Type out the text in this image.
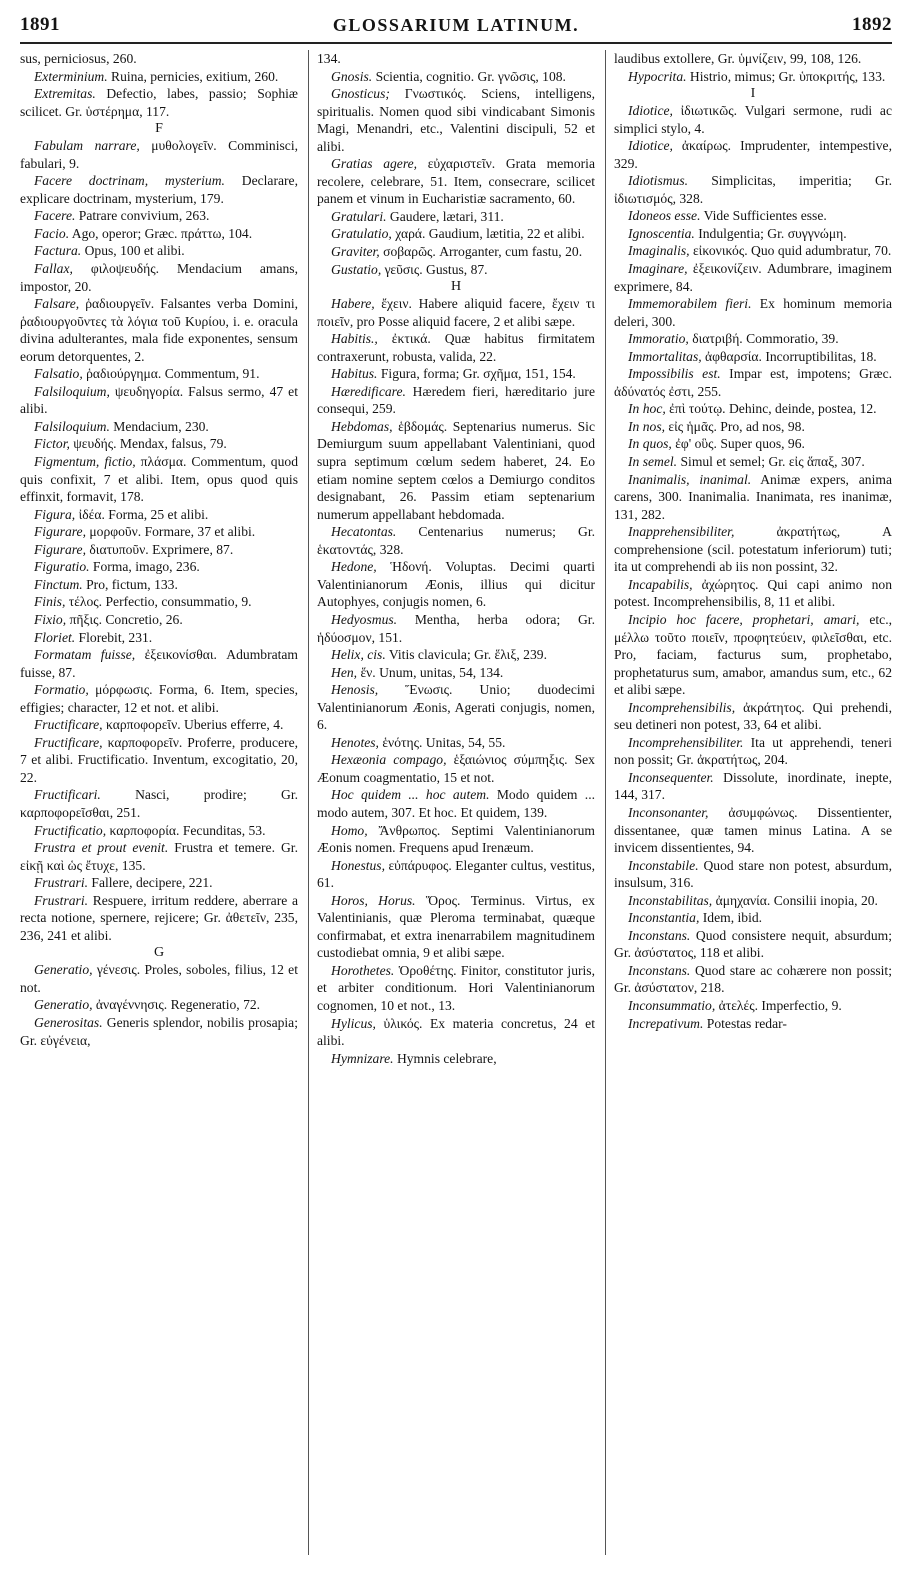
1891	GLOSSARIUM LATINUM.	1892

sus, perniciosus, 260.

Exterminium. Ruina, pernicies, exitium, 260.

Extremitas. Defectio, labes, passio; Sophiæ scilicet. Gr. ὑστέρημα, 117.

F

Fabulam narrare, μυθολογεῖν. Comminisci, fabulari, 9.

Facere doctrinam, mysterium. Declarare, explicare doctrinam, mysterium, 179.

Facere. Patrare convivium, 263.

Facio. Ago, operor; Græc. πράττω, 104.

Factura. Opus, 100 et alibi.

Fallax, φιλοψευδής. Mendacium amans, impostor, 20.

Falsare, ῥαδιουργεῖν. Falsantes verba Domini, ῥαδιουργοῦντες τὰ λόγια τοῦ Κυρίου, i. e. oracula divina adulterantes, mala fide exponentes, sensum eorum detorquentes, 2.

Falsatio, ῥαδιούργημα. Commentum, 91.

Falsiloquium, ψευδηγορία. Falsus sermo, 47 et alibi.

Falsiloquium. Mendacium, 230.

Fictor, ψευδής. Mendax, falsus, 79.

Figmentum, fictio, πλάσμα. Commentum, quod quis confixit, 7 et alibi. Item, opus quod quis effinxit, formavit, 178.

Figura, ἰδέα. Forma, 25 et alibi.

Figurare, μορφοῦν. Formare, 37 et alibi.

Figurare, διατυποῦν. Exprimere, 87.

Figuratio. Forma, imago, 236.

Finctum. Pro, fictum, 133.

Finis, τέλος. Perfectio, consummatio, 9.

Fixio, πῆξις. Concretio, 26.

Floriet. Florebit, 231.

Formatam fuisse, ἐξεικονίσθαι. Adumbratam fuisse, 87.

Formatio, μόρφωσις. Forma, 6. Item, species, effigies; character, 12 et not. et alibi.

Fructificare, καρποφορεῖν. Uberius efferre, 4.

Fructificare, καρποφορεῖν. Proferre, producere, 7 et alibi. Fructificatio. Inventum, excogitatio, 20, 22.

Fructificari. Nasci, prodire; Gr. καρποφορεῖσθαι, 251.

Fructificatio, καρποφορία. Fecunditas, 53.

Frustra et prout evenit. Frustra et temere. Gr. εἰκῇ καὶ ὡς ἔτυχε, 135.

Frustrari. Fallere, decipere, 221.

Frustrari. Respuere, irritum reddere, aberrare a recta notione, spernere, rejicere; Gr. ἀθετεῖν, 235, 236, 241 et alibi.

G

Generatio, γένεσις. Proles, soboles, filius, 12 et not.

Generatio, ἀναγέννησις. Regeneratio, 72.

Generositas. Generis splendor, nobilis prosapia; Gr. εὐγένεια,

134.

Gnosis. Scientia, cognitio. Gr. γνῶσις, 108.

Gnosticus; Γνωστικός. Sciens, intelligens, spiritualis. Nomen quod sibi vindicabant Simonis Magi, Menandri, etc., Valentini discipuli, 52 et alibi.

Gratias agere, εὐχαριστεῖν. Grata memoria recolere, celebrare, 51. Item, consecrare, scilicet panem et vinum in Eucharistiæ sacramento, 60.

Gratulari. Gaudere, lætari, 311.

Gratulatio, χαρά. Gaudium, lætitia, 22 et alibi.

Graviter, σοβαρῶς. Arroganter, cum fastu, 20.

Gustatio, γεῦσις. Gustus, 87.

H

Habere, ἔχειν. Habere aliquid facere, ἔχειν τι ποιεῖν, pro Posse aliquid facere, 2 et alibi sæpe.

Habitis., ἐκτικά. Quæ habitus firmitatem contraxerunt, robusta, valida, 22.

Habitus. Figura, forma; Gr. σχῆμα, 151, 154.

Hæredificare. Hæredem fieri, hæreditario jure consequi, 259.

Hebdomas, ἑβδομάς. Septenarius numerus. Sic Demiurgum suum appellabant Valentiniani, quod supra septimum cœlum sedem haberet, 24. Eo etiam nomine septem cœlos a Demiurgo conditos designabant, 26. Passim etiam septenarium numerum appellabant hebdomada.

Hecatontas. Centenarius numerus; Gr. ἑκατοντάς, 328.

Hedone, Ἡδονή. Voluptas. Decimi quarti Valentinianorum Æonis, illius qui dicitur Autophyes, conjugis nomen, 6.

Hedyosmus. Mentha, herba odora; Gr. ἡδύοσμον, 151.

Helix, cis. Vitis clavicula; Gr. ἕλιξ, 239.

Hen, ἕν. Unum, unitas, 54, 134.

Henosis, Ἕνωσις. Unio; duodecimi Valentinianorum Æonis, Agerati conjugis, nomen, 6.

Henotes, ἑνότης. Unitas, 54, 55.

Hexæonia compago, ἑξαιώνιος σύμπηξις. Sex Æonum coagmentatio, 15 et not.

Hoc quidem ... hoc autem. Modo quidem ... modo autem, 307. Et hoc. Et quidem, 139.

Homo, Ἄνθρωπος. Septimi Valentinianorum Æonis nomen. Frequens apud Irenæum.

Honestus, εὐπάρυφος. Eleganter cultus, vestitus, 61.

Horos, Horus. Ὅρος. Terminus. Virtus, ex Valentinianis, quæ Pleroma terminabat, quæque confirmabat, et extra inenarrabilem magnitudinem custodiebat omnia, 9 et alibi sæpe.

Horothetes. Ὁροθέτης. Finitor, constitutor juris, et arbiter conditionum. Hori Valentinianorum cognomen, 10 et not., 13.

Hylicus, ὑλικός. Ex materia concretus, 24 et alibi.

Hymnizare. Hymnis celebrare,

laudibus extollere, Gr. ὑμνίζειν, 99, 108, 126.

Hypocrita. Histrio, mimus; Gr. ὑποκριτής, 133.

I

Idiotice, ἰδιωτικῶς. Vulgari sermone, rudi ac simplici stylo, 4.

Idiotice, ἀκαίρως. Imprudenter, intempestive, 329.

Idiotismus. Simplicitas, imperitia; Gr. ἰδιωτισμός, 328.

Idoneos esse. Vide Sufficientes esse.

Ignoscentia. Indulgentia; Gr. συγγνώμη.

Imaginalis, εἰκονικός. Quo quid adumbratur, 70.

Imaginare, ἐξεικονίζειν. Adumbrare, imaginem exprimere, 84.

Immemorabilem fieri. Ex hominum memoria deleri, 300.

Immoratio, διατριβή. Commoratio, 39.

Immortalitas, ἀφθαρσία. Incorruptibilitas, 18.

Impossibilis est. Impar est, impotens; Græc. ἀδύνατός ἐστι, 255.

In hoc, ἐπὶ τούτῳ. Dehinc, deinde, postea, 12.

In nos, εἰς ἡμᾶς. Pro, ad nos, 98.

In quos, ἐφ' οὓς. Super quos, 96.

In semel. Simul et semel; Gr. εἰς ἅπαξ, 307.

Inanimalis, inanimal. Animæ expers, anima carens, 300. Inanimalia. Inanimata, res inanimæ, 131, 282.

Inapprehensibiliter, ἀκρατήτως, A comprehensione (scil. potestatum inferiorum) tuti; ita ut comprehendi ab iis non possint, 32.

Incapabilis, ἀχώρητος. Qui capi animo non potest. Incomprehensibilis, 8, 11 et alibi.

Incipio hoc facere, prophetari, amari, etc., μέλλω τοῦτο ποιεῖν, προφητεύειν, φιλεῖσθαι, etc. Pro, faciam, facturus sum, prophetabo, prophetaturus sum, amabor, amandus sum, etc., 62 et alibi sæpe.

Incomprehensibilis, ἀκράτητος. Qui prehendi, seu detineri non potest, 33, 64 et alibi.

Incomprehensibiliter. Ita ut apprehendi, teneri non possit; Gr. ἀκρατήτως, 204.

Inconsequenter. Dissolute, inordinate, inepte, 144, 317.

Inconsonanter, ἀσυμφώνως. Dissentienter, dissentanee, quæ tamen minus Latina. A se invicem dissentientes, 94.

Inconstabile. Quod stare non potest, absurdum, insulsum, 316.

Inconstabilitas, ἀμηχανία. Consilii inopia, 20.

Inconstantia, Idem, ibid.

Inconstans. Quod consistere nequit, absurdum; Gr. ἀσύστατος, 118 et alibi.

Inconstans. Quod stare ac cohærere non possit; Gr. ἀσύστατον, 218.

Inconsummatio, ἀτελές. Imperfectio, 9.

Increpativum. Potestas redar-
